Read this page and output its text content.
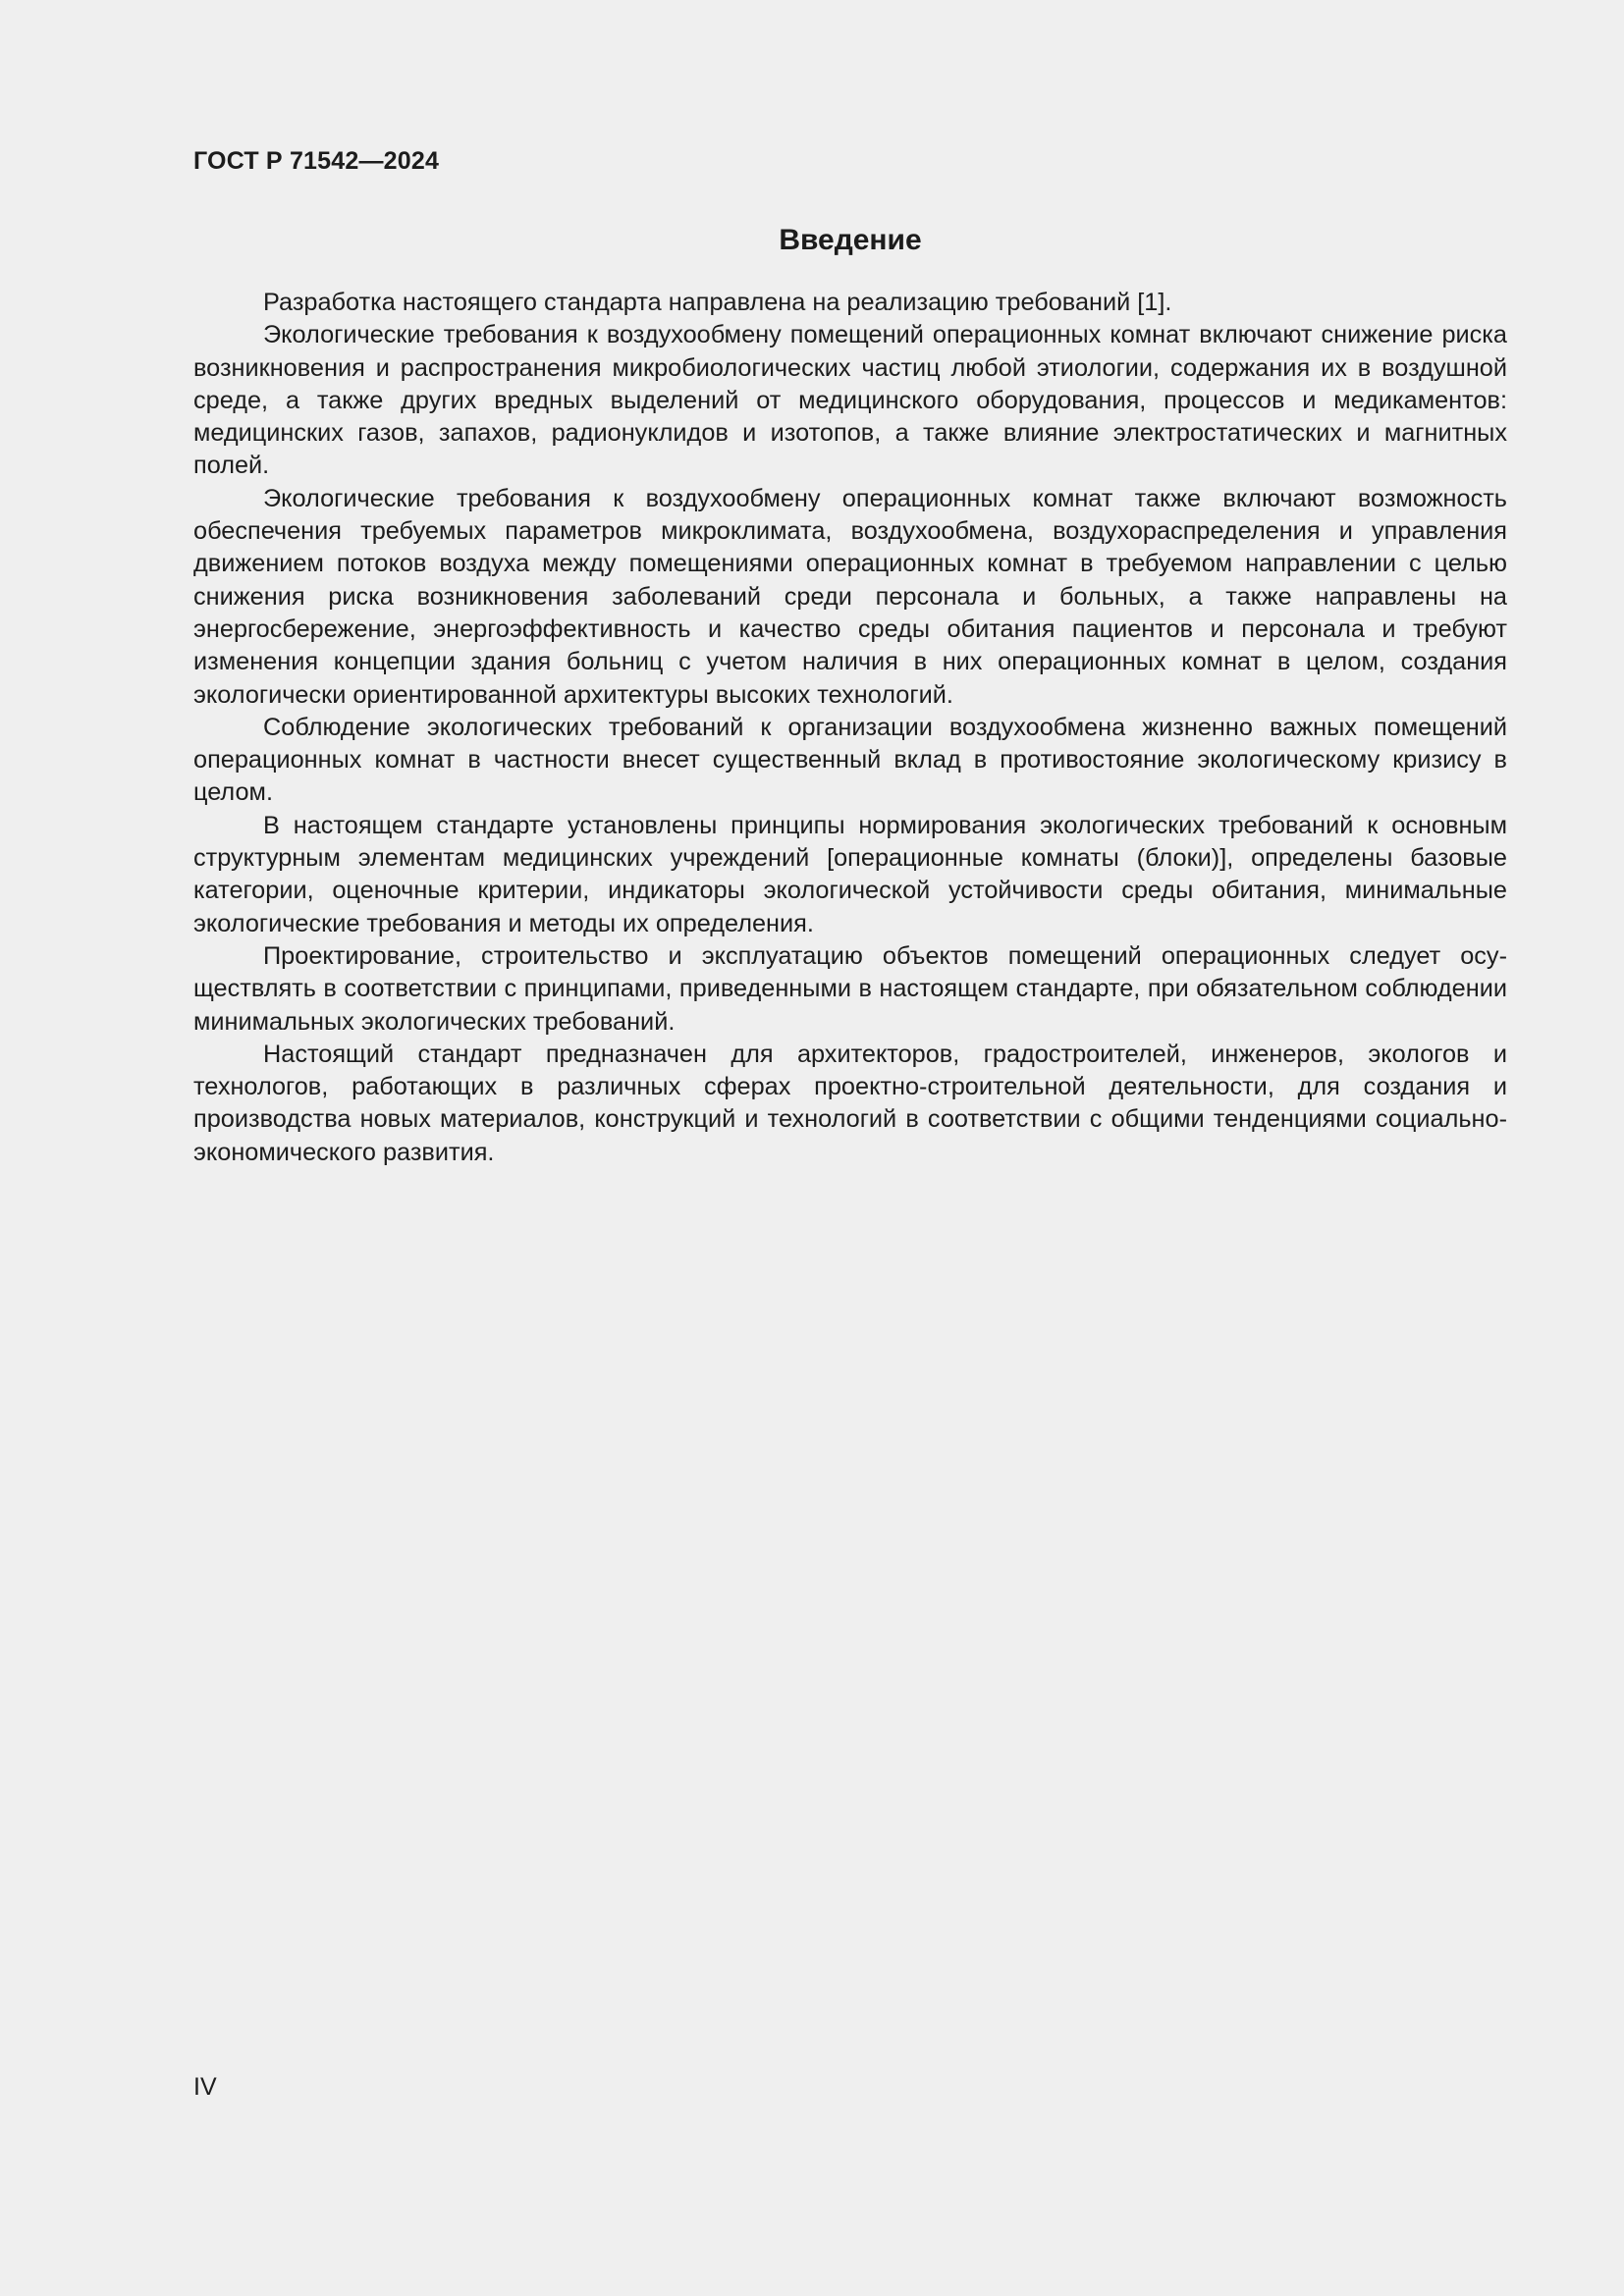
ГОСТ Р 71542—2024
Введение

Разработка настоящего стандарта направлена на реализацию требований [1].

Экологические требования к воздухообмену помещений операционных комнат включают снижение риска возникновения и распространения микробиологических частиц любой этиологии, содержания их в воздушной среде, а также других вредных выделений от медицинского оборудования, процессов и медикаментов: медицинских газов, запахов, радионуклидов и изотопов, а также влияние электростатических и магнитных полей.

Экологические требования к воздухообмену операционных комнат также включают возможность обеспечения требуемых параметров микроклимата, воздухообмена, воздухораспределения и управления движением потоков воздуха между помещениями операционных комнат в требуемом направлении с целью снижения риска возникновения заболеваний среди персонала и больных, а также направлены на энергосбережение, энергоэффективность и качество среды обитания пациентов и персонала и требуют изменения концепции здания больниц с учетом наличия в них операционных комнат в целом, создания экологически ориентированной архитектуры высоких технологий.

Соблюдение экологических требований к организации воздухообмена жизненно важных помещений операционных комнат в частности внесет существенный вклад в противостояние экологическому кризису в целом.

В настоящем стандарте установлены принципы нормирования экологических требований к основным структурным элементам медицинских учреждений [операционные комнаты (блоки)], определены базовые категории, оценочные критерии, индикаторы экологической устойчивости среды обитания, минимальные экологические требования и методы их определения.

Проектирование, строительство и эксплуатацию объектов помещений операционных следует осуществлять в соответствии с принципами, приведенными в настоящем стандарте, при обязательном соблюдении минимальных экологических требований.

Настоящий стандарт предназначен для архитекторов, градостроителей, инженеров, экологов и технологов, работающих в различных сферах проектно-строительной деятельности, для создания и производства новых материалов, конструкций и технологий в соответствии с общими тенденциями социально-экономического развития.

IV
